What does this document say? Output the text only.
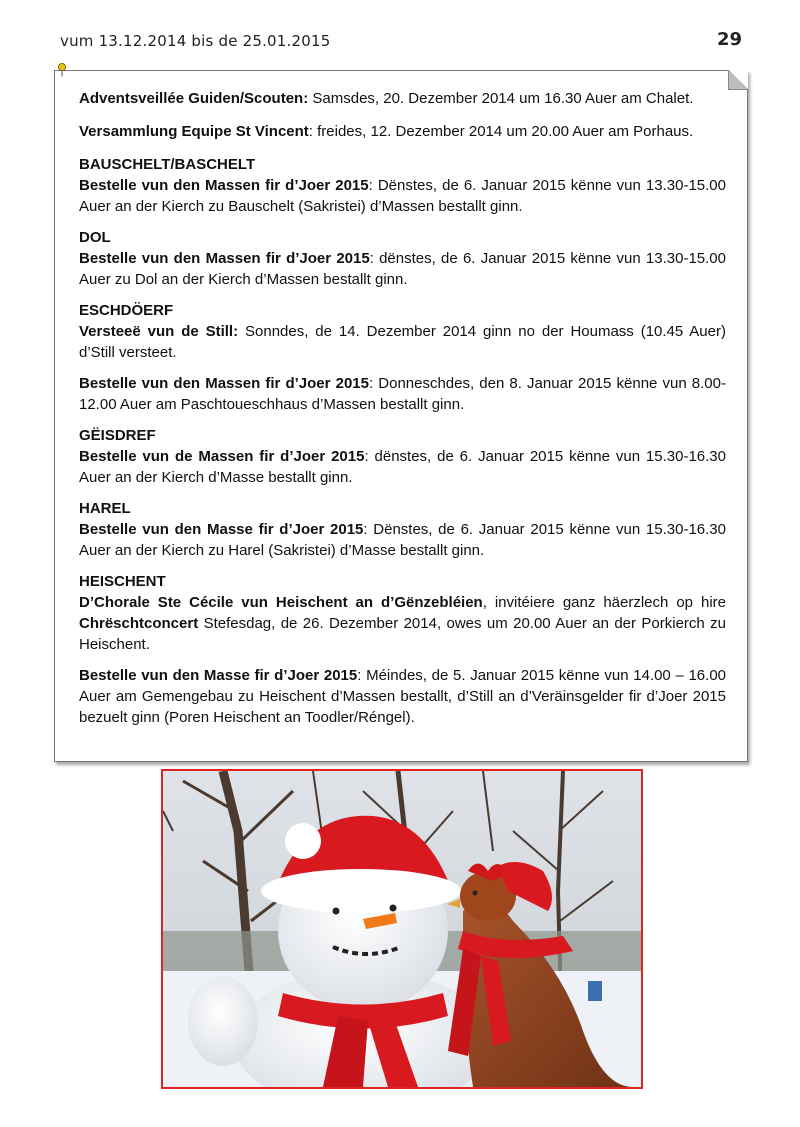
vum 13.12.2014 bis de 25.01.2015	29

Adventsveillée Guiden/Scouten: Samsdes, 20. Dezember 2014 um 16.30 Auer am Chalet.

Versammlung Equipe St Vincent: freides, 12. Dezember 2014 um 20.00 Auer am Porhaus.

BAUSCHELT/BASCHELT
Bestelle vun den Massen fir d’Joer 2015: Dënstes, de 6. Januar 2015 kënne vun 13.30-15.00 Auer an der Kierch zu Bauschelt (Sakristei) d’Massen bestallt ginn.

DOL
Bestelle vun den Massen fir d’Joer 2015: dënstes, de 6. Januar 2015 kënne vun 13.30-15.00 Auer zu Dol an der Kierch d’Massen bestallt ginn.

ESCHDÖERF
Versteeë vun de Still: Sonndes, de 14. Dezember 2014 ginn no der Houmass (10.45 Auer) d’Still versteet.

Bestelle vun den Massen fir d’Joer 2015: Donneschdes, den 8. Januar 2015 kënne vun 8.00-12.00 Auer am Paschtoueschhaus d’Massen bestallt ginn.

GËISDREF
Bestelle vun de Massen fir d’Joer 2015: dënstes, de 6. Januar 2015 kënne vun 15.30-16.30 Auer an der Kierch d’Masse bestallt ginn.

HAREL
Bestelle vun den Masse fir d’Joer 2015: Dënstes, de 6. Januar 2015 kënne vun 15.30-16.30 Auer an der Kierch zu Harel (Sakristei) d’Masse bestallt ginn.

HEISCHENT
D’Chorale Ste Cécile vun Heischent an d’Gënzebléien, invitéiere ganz häerzlech op hire Chrëschtconcert Stefesdag, de 26. Dezember 2014, owes um 20.00 Auer an der Porkierch zu Heischent.

Bestelle vun den Masse fir d’Joer 2015: Méindes, de 5. Januar 2015 kënne vun 14.00 – 16.00 Auer am Gemengebau zu Heischent d’Massen bestallt, d’Still an d’Veräinsgelder fir d’Joer 2015 bezuelt ginn (Poren Heischent an Toodler/Réngel).
